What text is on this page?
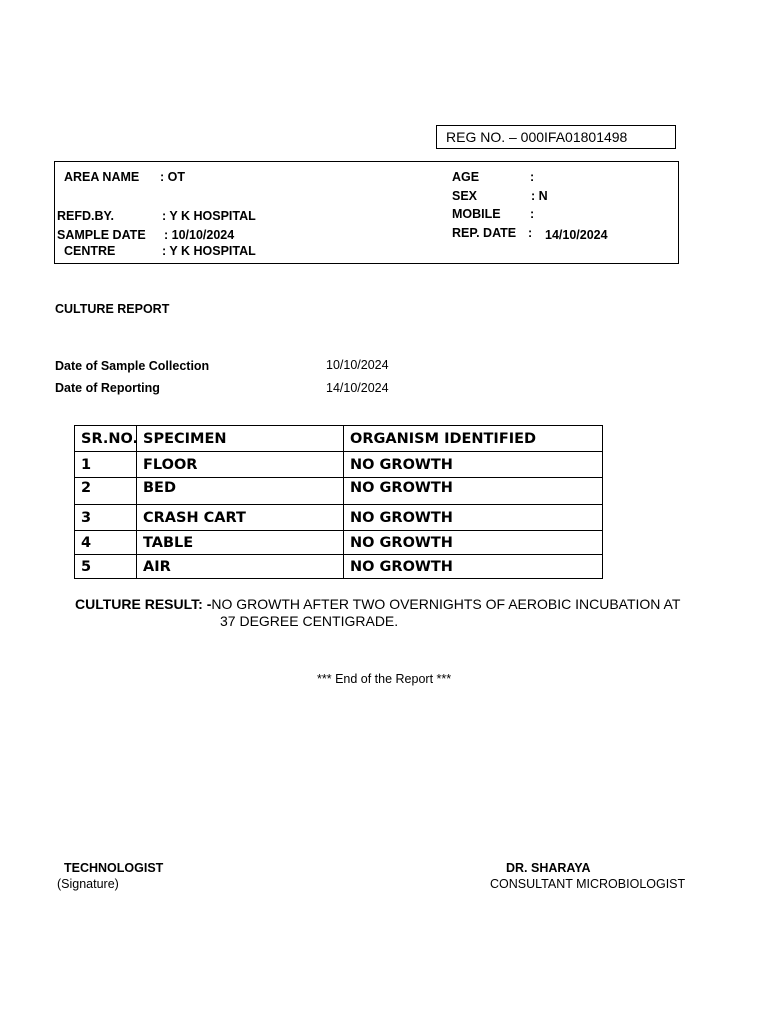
REG NO. – 000IFA01801498
AREA NAME : OT
REFD.BY.	: Y K HOSPITAL
SAMPLE DATE : 10/10/2024
CENTRE	: Y K HOSPITAL
AGE	:
SEX	: N
MOBILE :
REP. DATE : 14/10/2024
CULTURE REPORT
Date of Sample Collection	10/10/2024
Date of Reporting	14/10/2024
SR.NO.	SPECIMEN	ORGANISM IDENTIFIED
1	FLOOR	NO GROWTH
2	BED	NO GROWTH
3	CRASH CART	NO GROWTH
4	TABLE	NO GROWTH
5	AIR	NO GROWTH
CULTURE RESULT: -NO GROWTH AFTER TWO OVERNIGHTS OF AEROBIC INCUBATION AT
37 DEGREE CENTIGRADE.
*** End of the Report ***
TECHNOLOGIST
(Signature)
DR. SHARAYA
CONSULTANT MICROBIOLOGIST
